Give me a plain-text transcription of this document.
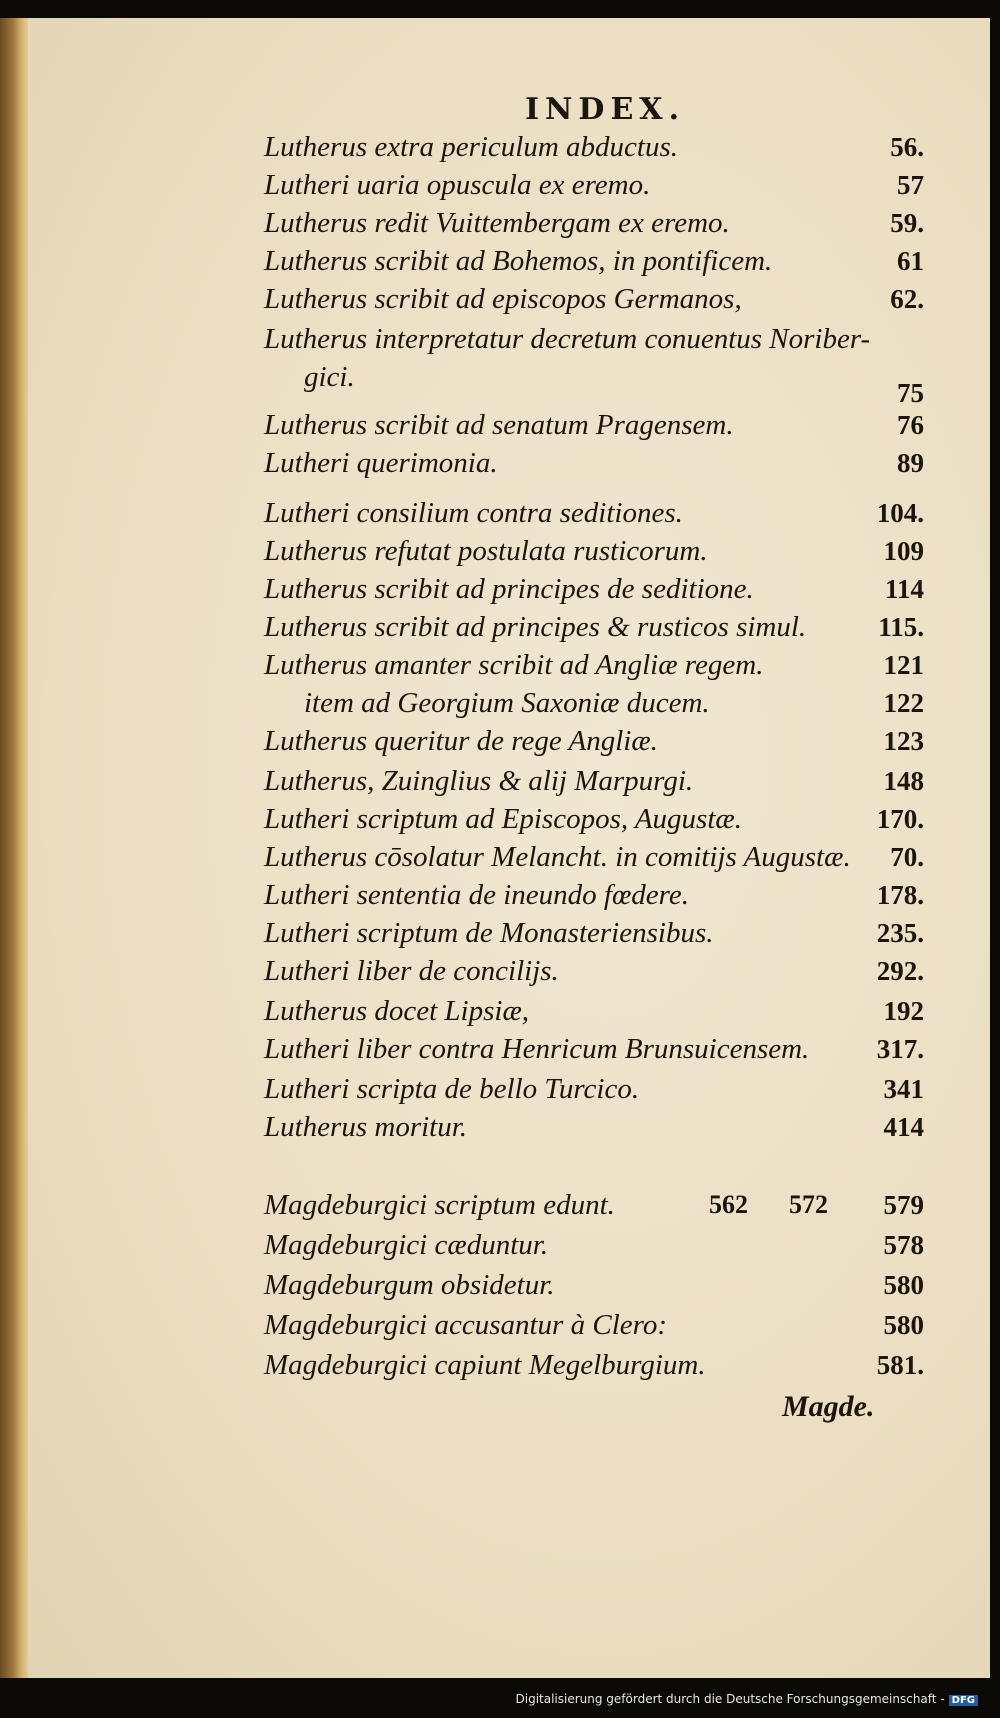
INDEX.
Lutherus extra periculum abductus.	56.
Lutheri uaria opuscula ex eremo.	57
Lutherus redit Vuittembergam ex eremo.	59.
Lutherus scribit ad Bohemos, in pontificem.	61
Lutherus scribit ad episcopos Germanos,	62.
Lutherus interpretatur decretum conuentus Noriber-
gici.	75
Lutherus scribit ad senatum Pragensem.	76
Lutheri querimonia.	89
Lutheri consilium contra seditiones.	104.
Lutherus refutat postulata rusticorum.	109
Lutherus scribit ad principes de seditione.	114
Lutherus scribit ad principes & rusticos simul.	115.
Lutherus amanter scribit ad Angliæ regem.	121
item ad Georgium Saxoniæ ducem.	122
Lutherus queritur de rege Angliæ.	123
Lutherus, Zuinglius & alij Marpurgi.	148
Lutheri scriptum ad Episcopos, Augustæ.	170.
Lutherus cōsolatur Melancht. in comitijs Augustæ. 70.
Lutheri sententia de ineundo fœdere.	178.
Lutheri scriptum de Monasteriensibus.	235.
Lutheri liber de concilijs.	292.
Lutherus docet Lipsiæ,	192
Lutheri liber contra Henricum Brunsuicensem. 317.
Lutheri scripta de bello Turcico.	341
Lutherus moritur.	414
Magdeburgici scriptum edunt.	562 572 579
Magdeburgici cæduntur.	578
Magdeburgum obsidetur.	580
Magdeburgici accusantur à Clero:	580
Magdeburgici capiunt Megelburgium.	581.
Magde.
Digitalisierung gefördert durch die Deutsche Forschungsgemeinschaft - DFG
